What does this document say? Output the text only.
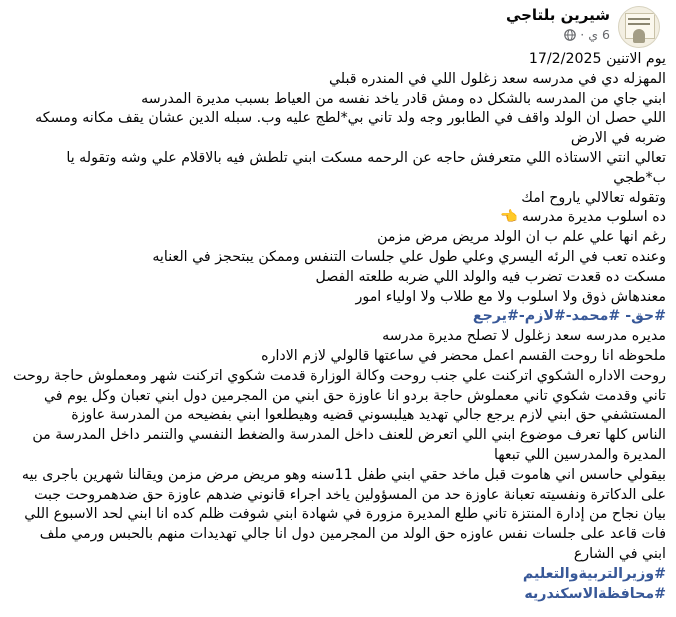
شيرين بلتاجي
6 ي
·
يوم الاتنين 17/2/2025
المهزله دي في مدرسه سعد زغلول اللي في المندره قبلي
ابني جاي من المدرسه بالشكل ده ومش قادر ياخد نفسه من العياط بسبب مديرة المدرسه
اللي حصل ان الولد واقف في الطابور وجه ولد تاني بي*لطج عليه وب. سبله الدين عشان يقف مكانه ومسكه
ضربه في الارض
تعالي انتي الاستاذه اللي متعرفش حاجه عن الرحمه مسكت ابني تلطش فيه بالاقلام علي وشه وتقوله يا
ب*طجي
وتقوله تعالالي ياروح امك
ده اسلوب مديرة مدرسه👈
رغم انها علي علم ب ان الولد مريض مرض مزمن
وعنده تعب في الرئه اليسري وعلي طول علي جلسات التنفس وممكن يبتحجز في العنايه
مسكت ده قعدت تضرب فيه والولد اللي ضربه طلعته الفصل
معندهاش ذوق ولا اسلوب ولا مع طلاب ولا اولياء امور
#حق- #محمد-#لازم-#يرجع
مديره مدرسه سعد زغلول لا تصلح مديرة مدرسه
ملحوظه انا روحت القسم اعمل محضر في ساعتها قالولي لازم الاداره
روحت الاداره الشكوي اتركنت علي جنب روحت وكالة الوزارة قدمت شكوي اتركنت شهر ومعملوش حاجة روحت
تاني وقدمت شكوي تاني معملوش حاجة بردو انا عاوزة حق ابني من المجرمين دول ابني تعبان وكل يوم في
المستشفي حق ابني لازم يرجع جالي تهديد هيلبسوني قضيه وهيطلعوا ابني بفضيحه من المدرسة عاوزة
الناس كلها تعرف موضوع ابني اللي اتعرض للعنف داخل المدرسة والضغط النفسي والتنمر داخل المدرسة من
المديرة والمدرسين اللي تبعها
بيقولي حاسس اني هاموت قبل ماخد حقي ابني طفل 11سنه وهو مريض مرض مزمن ويقالنا شهرين باجرى بيه
على الدكاترة ونفسيته تعبانة عاوزة حد من المسؤولين ياخد اجراء قانوني ضدهم عاوزة حق ضدهمروحت جبت
بيان نجاح من إدارة المنتزة تاني طلع المديرة مزورة في شهادة ابني شوفت ظلم كده انا ابني لحد الاسبوع اللي
فات قاعد على جلسات نفس عاوزه حق الولد من المجرمين دول انا جالي تهديدات منهم بالحبس ورمي ملف
ابني في الشارع
#وزيرالتربيةوالتعليم
#محافظةالاسكندريه
